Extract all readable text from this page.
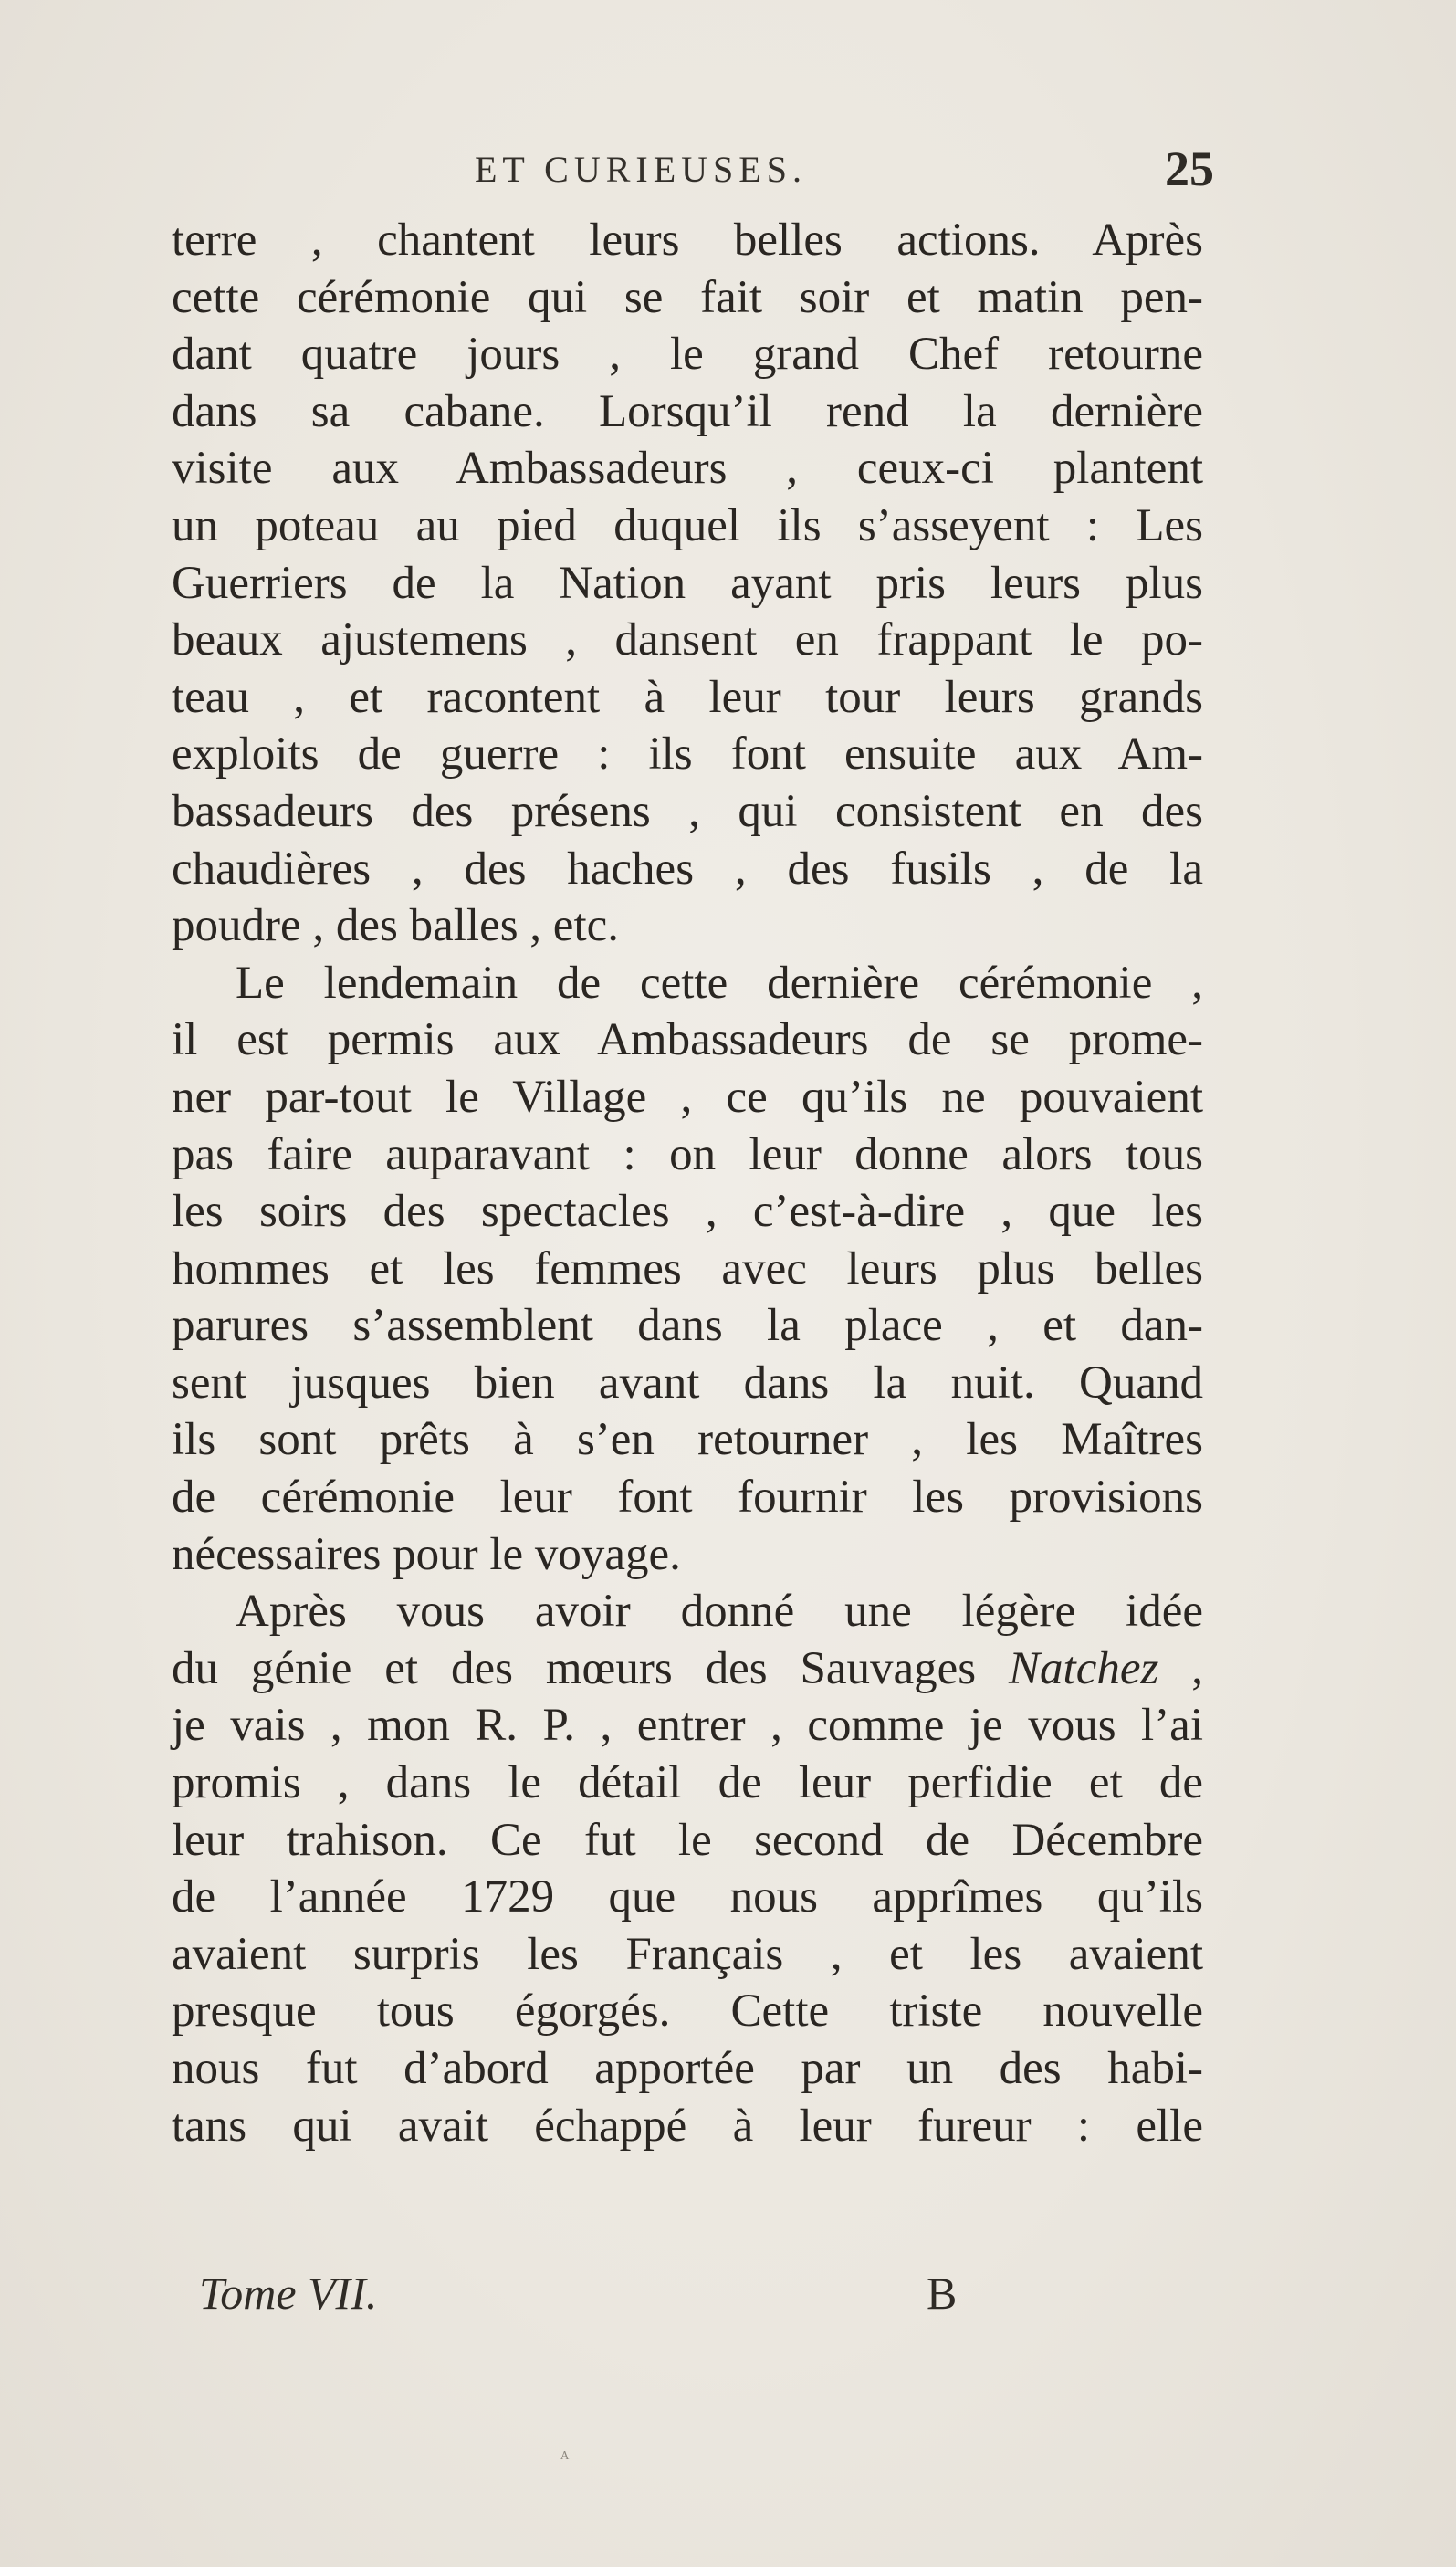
ET CURIEUSES.	25
terre , chantent leurs belles actions. Après
cette cérémonie qui se fait soir et matin pen-
dant quatre jours , le grand Chef retourne
dans sa cabane. Lorsqu’il rend la dernière
visite aux Ambassadeurs , ceux-ci plantent
un poteau au pied duquel ils s’asseyent : Les
Guerriers de la Nation ayant pris leurs plus
beaux ajustemens , dansent en frappant le po-
teau , et racontent à leur tour leurs grands
exploits de guerre : ils font ensuite aux Am-
bassadeurs des présens , qui consistent en des
chaudières , des haches , des fusils , de la
poudre , des balles , etc.
Le lendemain de cette dernière cérémonie ,
il est permis aux Ambassadeurs de se prome-
ner par-tout le Village , ce qu’ils ne pouvaient
pas faire auparavant : on leur donne alors tous
les soirs des spectacles , c’est-à-dire , que les
hommes et les femmes avec leurs plus belles
parures s’assemblent dans la place , et dan-
sent jusques bien avant dans la nuit. Quand
ils sont prêts à s’en retourner , les Maîtres
de cérémonie leur font fournir les provisions
nécessaires pour le voyage.
Après vous avoir donné une légère idée
du génie et des mœurs des Sauvages Natchez ,
je vais , mon R. P. , entrer , comme je vous l’ai
promis , dans le détail de leur perfidie et de
leur trahison. Ce fut le second de Décembre
de l’année 1729 que nous apprîmes qu’ils
avaient surpris les Français , et les avaient
presque tous égorgés. Cette triste nouvelle
nous fut d’abord apportée par un des habi-
tans qui avait échappé à leur fureur : elle
Tome VII.	B
ᴬ
